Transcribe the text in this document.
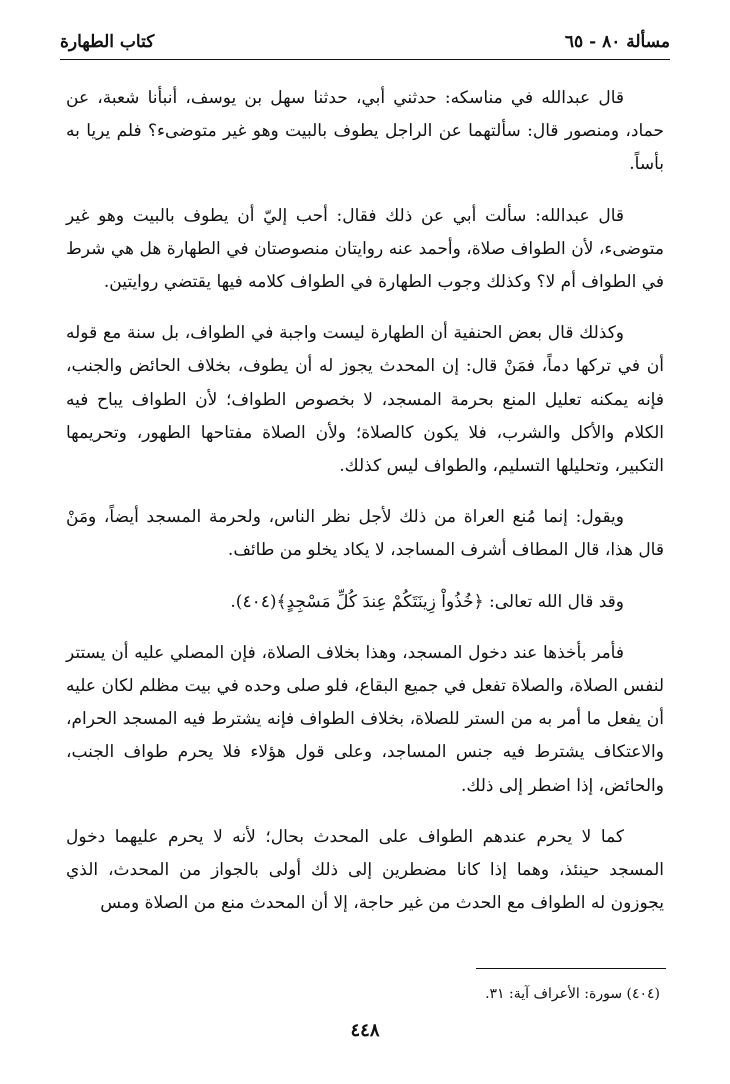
مسألة ٨٠ - ٦٥
كتاب الطهارة

قال عبدالله في مناسكه: حدثني أبي، حدثنا سهل بن يوسف، أنبأنا شعبة، عن حماد، ومنصور قال: سألتهما عن الراجل يطوف بالبيت وهو غير متوضىء؟ فلم يريا به بأساً.

قال عبدالله: سألت أبي عن ذلك فقال: أحب إليّ أن يطوف بالبيت وهو غير متوضىء، لأن الطواف صلاة، وأحمد عنه روايتان منصوصتان في الطهارة هل هي شرط في الطواف أم لا؟ وكذلك وجوب الطهارة في الطواف كلامه فيها يقتضي روايتين.

وكذلك قال بعض الحنفية أن الطهارة ليست واجبة في الطواف، بل سنة مع قوله أن في تركها دماً، فمَنْ قال: إن المحدث يجوز له أن يطوف، بخلاف الحائض والجنب، فإنه يمكنه تعليل المنع بحرمة المسجد، لا بخصوص الطواف؛ لأن الطواف يباح فيه الكلام والأكل والشرب، فلا يكون كالصلاة؛ ولأن الصلاة مفتاحها الطهور، وتحريمها التكبير، وتحليلها التسليم، والطواف ليس كذلك.

ويقول: إنما مُنع العراة من ذلك لأجل نظر الناس، ولحرمة المسجد أيضاً، ومَنْ قال هذا، قال المطاف أشرف المساجد، لا يكاد يخلو من طائف.

وقد قال الله تعالى: ﴿خُذُواْ زِينَتَكُمْ عِندَ كُلِّ مَسْجِدٍ﴾(٤٠٤).

فأمر بأخذها عند دخول المسجد، وهذا بخلاف الصلاة، فإن المصلي عليه أن يستتر لنفس الصلاة، والصلاة تفعل في جميع البقاع، فلو صلى وحده في بيت مظلم لكان عليه أن يفعل ما أمر به من الستر للصلاة، بخلاف الطواف فإنه يشترط فيه المسجد الحرام، والاعتكاف يشترط فيه جنس المساجد، وعلى قول هؤلاء فلا يحرم طواف الجنب، والحائض، إذا اضطر إلى ذلك.

كما لا يحرم عندهم الطواف على المحدث بحال؛ لأنه لا يحرم عليهما دخول المسجد حينئذ، وهما إذا كانا مضطرين إلى ذلك أولى بالجواز من المحدث، الذي يجوزون له الطواف مع الحدث من غير حاجة، إلا أن المحدث منع من الصلاة ومس

(٤٠٤) سورة: الأعراف آية: ٣١.
٤٤٨
